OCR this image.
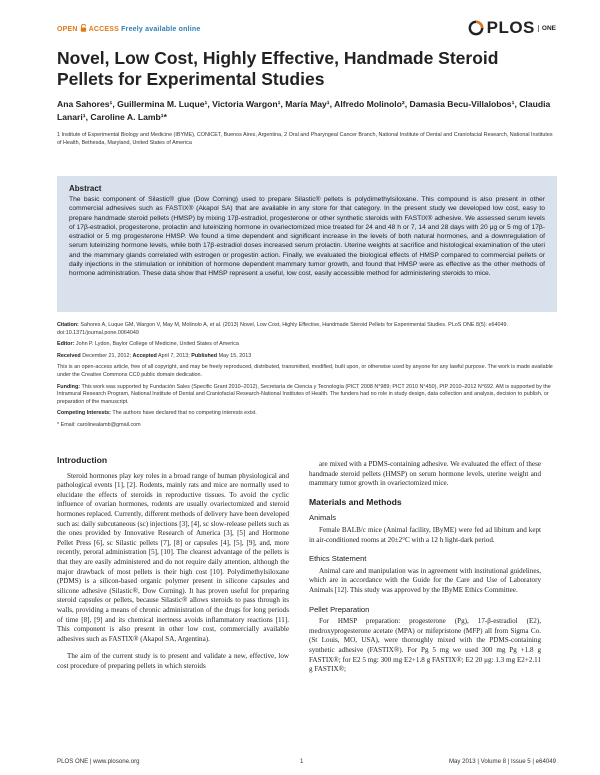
OPEN ACCESS Freely available online	PLOS	ONE
Novel, Low Cost, Highly Effective, Handmade Steroid Pellets for Experimental Studies

Ana Sahores¹, Guillermina M. Luque¹, Victoria Wargon¹, María May¹, Alfredo Molinolo², Damasia Becu-Villalobos¹, Claudia Lanari¹, Caroline A. Lamb¹*

1 Institute of Experimental Biology and Medicine (IBYME), CONICET, Buenos Aires, Argentina, 2 Oral and Pharyngeal Cancer Branch, National Institute of Dental and Craniofacial Research, National Institutes of Health, Bethesda, Maryland, United States of America

Abstract

The basic component of Silastic® glue (Dow Corning) used to prepare Silastic® pellets is polydimethylsiloxane. This compound is also present in other commercial adhesives such as FASTIX® (Akapol SA) that are available in any store for that category. In the present study we developed low cost, easy to prepare handmade steroid pellets (HMSP) by mixing 17β-estradiol, progesterone or other synthetic steroids with FASTIX® adhesive. We assessed serum levels of 17β-estradiol, progesterone, prolactin and luteinizing hormone in ovariectomized mice treated for 24 and 48 h or 7, 14 and 28 days with 20 μg or 5 mg of 17β-estradiol or 5 mg progesterone HMSP. We found a time dependent and significant increase in the levels of both natural hormones, and a downregulation of serum luteinizing hormone levels, while both 17β-estradiol doses increased serum prolactin. Uterine weights at sacrifice and histological examination of the uteri and the mammary glands correlated with estrogen or progestin action. Finally, we evaluated the biological effects of HMSP compared to commercial pellets or daily injections in the stimulation or inhibition of hormone dependent mammary tumor growth, and found that HMSP were as effective as the other methods of hormone administration. These data show that HMSP represent a useful, low cost, easily accessible method for administering steroids to mice.

Citation: Sahores A, Luque GM, Wargon V, May M, Molinolo A, et al. (2013) Novel, Low Cost, Highly Effective, Handmade Steroid Pellets for Experimental Studies. PLoS ONE 8(5): e64049. doi:10.1371/journal.pone.0064049

Editor: John P. Lydon, Baylor College of Medicine, United States of America

Received December 21, 2012; Accepted April 7, 2013; Published May 15, 2013

This is an open-access article, free of all copyright, and may be freely reproduced, distributed, transmitted, modified, built upon, or otherwise used by anyone for any lawful purpose. The work is made available under the Creative Commons CC0 public domain dedication.

Funding: This work was supported by Fundación Sales (Specific Grant 2010–2012), Secretaría de Ciencia y Tecnología (PICT 2008 N°989; PICT 2010 N°450), PIP 2010–2012 N°692. AM is supported by the Intramural Research Program, National Institute of Dental and Craniofacial Research-National Institutes of Health. The funders had no role in study design, data collection and analysis, decision to publish, or preparation of the manuscript.

Competing Interests: The authors have declared that no competing interests exist.

* Email: carolinealamb@gmail.com

Introduction

Steroid hormones play key roles in a broad range of human physiological and pathological events [1], [2]. Rodents, mainly rats and mice are normally used to elucidate the effects of steroids in reproductive tissues. To avoid the cyclic influence of ovarian hormones, rodents are usually ovariectomized and steroid hormones replaced. Currently, different methods of delivery have been developed such as: daily subcutaneous (sc) injections [3], [4], sc slow-release pellets such as the ones provided by Innovative Research of America [3], [5] and Hormone Pellet Press [6], sc Silastic pellets [7], [8] or capsules [4], [5], [9], and, more recently, peroral administration [5], [10]. The clearest advantage of the pellets is that they are easily administered and do not require daily attention, although the major drawback of most pellets is their high cost [10]. Polydimethylsiloxane (PDMS) is a silicon-based organic polymer present in silicone capsules and silicone adhesive (Silastic®, Dow Corning). It has proven useful for preparing steroid capsules or pellets, because Silastic® allows steroids to pass through its walls, providing a means of chronic administration of the drugs for long periods of time [8], [9] and its chemical inertness avoids inflammatory reactions [11]. This component is also present in other low cost, commercially available adhesives such as FASTIX® (Akapol SA, Argentina).

The aim of the current study is to present and validate a new, effective, low cost procedure of preparing pellets in which steroids

are mixed with a PDMS-containing adhesive. We evaluated the effect of these handmade steroid pellets (HMSP) on serum hormone levels, uterine weight and mammary tumor growth in ovariectomized mice.

Materials and Methods
Animals

Female BALB/c mice (Animal facility, IByME) were fed ad libitum and kept in air-conditioned rooms at 20±2°C with a 12 h light-dark period.

Ethics Statement

Animal care and manipulation was in agreement with institutional guidelines, which are in accordance with the Guide for the Care and Use of Laboratory Animals [12]. This study was approved by the IByME Ethics Committee.

Pellet Preparation

For HMSP preparation: progesterone (Pg), 17-β-estradiol (E2), medroxyprogesterone acetate (MPA) or mifepristone (MFP) all from Sigma Co. (St Louis, MO, USA), were thoroughly mixed with the PDMS-containing synthetic adhesive (FASTIX®). For Pg 5 mg we used 300 mg Pg +1.8 g FASTIX®; for E2 5 mg: 300 mg E2+1.8 g FASTIX®; E2 20 μg: 1.3 mg E2+2.11 g FASTIX®;

PLOS ONE | www.plosone.org	1	May 2013 | Volume 8 | Issue 5 | e64049
